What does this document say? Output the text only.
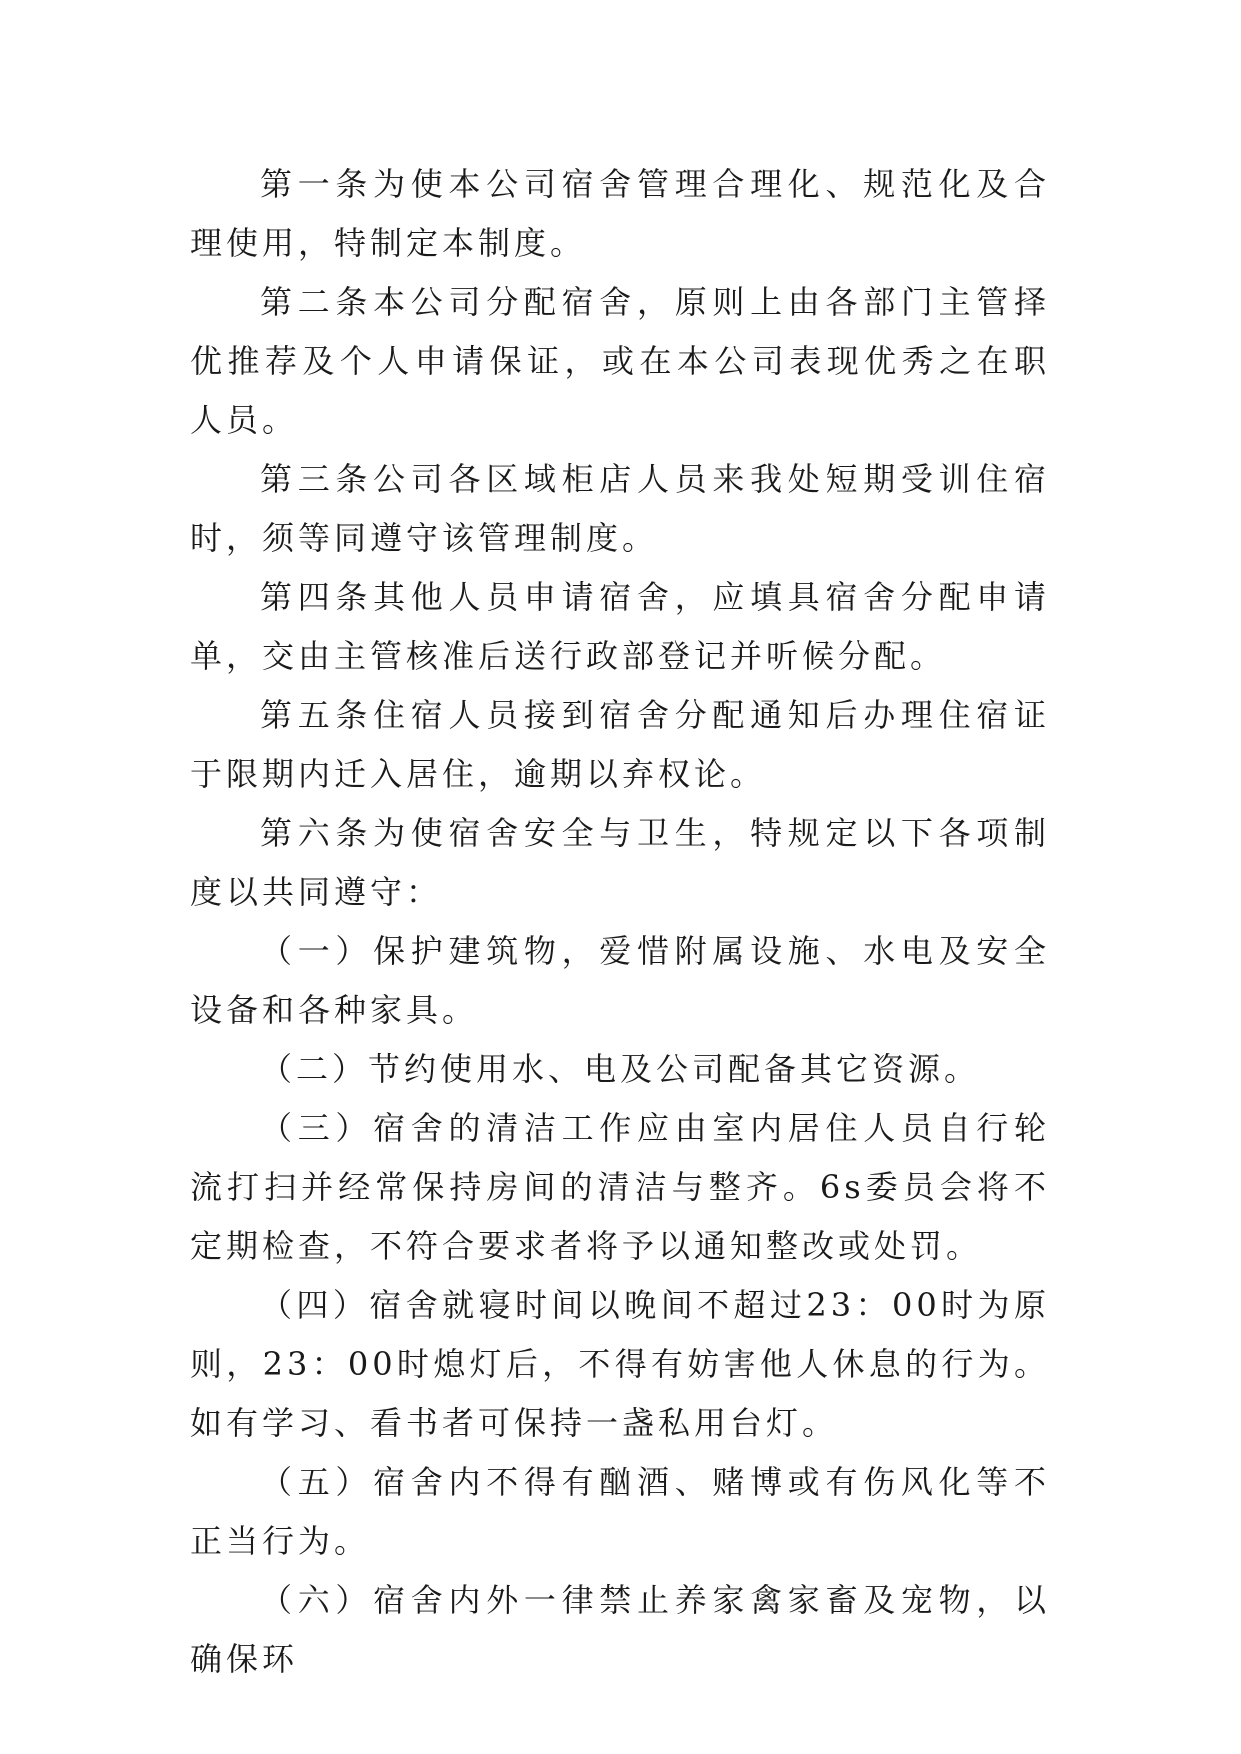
第一条为使本公司宿舍管理合理化、规范化及合理使用，特制定本制度。

第二条本公司分配宿舍，原则上由各部门主管择优推荐及个人申请保证，或在本公司表现优秀之在职人员。

第三条公司各区域柜店人员来我处短期受训住宿时，须等同遵守该管理制度。

第四条其他人员申请宿舍，应填具宿舍分配申请单，交由主管核准后送行政部登记并听候分配。

第五条住宿人员接到宿舍分配通知后办理住宿证于限期内迁入居住，逾期以弃权论。

第六条为使宿舍安全与卫生，特规定以下各项制度以共同遵守：

（一）保护建筑物，爱惜附属设施、水电及安全设备和各种家具。

（二）节约使用水、电及公司配备其它资源。

（三）宿舍的清洁工作应由室内居住人员自行轮流打扫并经常保持房间的清洁与整齐。6s委员会将不定期检查，不符合要求者将予以通知整改或处罚。

（四）宿舍就寝时间以晚间不超过23：00时为原则，23：00时熄灯后，不得有妨害他人休息的行为。如有学习、看书者可保持一盏私用台灯。

（五）宿舍内不得有酗酒、赌博或有伤风化等不正当行为。

（六）宿舍内外一律禁止养家禽家畜及宠物，以确保环
